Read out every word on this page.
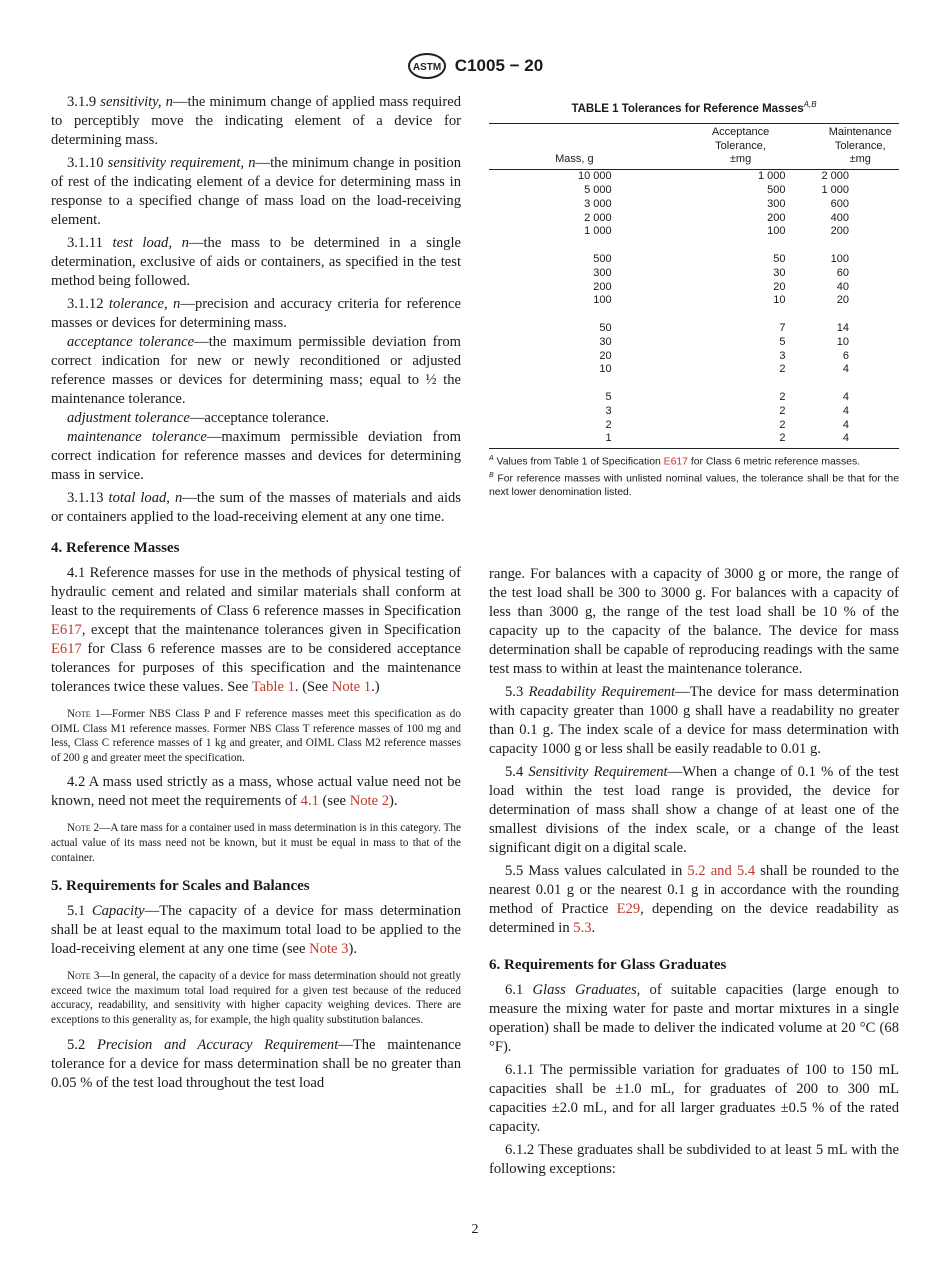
ASTM C1005 − 20

3.1.9 sensitivity, n—the minimum change of applied mass required to perceptibly move the indicating element of a device for determining mass.

3.1.10 sensitivity requirement, n—the minimum change in position of rest of the indicating element of a device for determining mass in response to a specified change of mass load on the load-receiving element.

3.1.11 test load, n—the mass to be determined in a single determination, exclusive of aids or containers, as specified in the test method being followed.

3.1.12 tolerance, n—precision and accuracy criteria for reference masses or devices for determining mass.

acceptance tolerance—the maximum permissible deviation from correct indication for new or newly reconditioned or adjusted reference masses or devices for determining mass; equal to ½ the maintenance tolerance.

adjustment tolerance—acceptance tolerance.

maintenance tolerance—maximum permissible deviation from correct indication for reference masses and devices for determining mass in service.

3.1.13 total load, n—the sum of the masses of materials and aids or containers applied to the load-receiving element at any one time.

4. Reference Masses

4.1 Reference masses for use in the methods of physical testing of hydraulic cement and related and similar materials shall conform at least to the requirements of Class 6 reference masses in Specification E617, except that the maintenance tolerances given in Specification E617 for Class 6 reference masses are to be considered acceptance tolerances for purposes of this specification and the maintenance tolerances twice these values. See Table 1. (See Note 1.)

Note 1—Former NBS Class P and F reference masses meet this specification as do OIML Class M1 reference masses. Former NBS Class T reference masses of 100 mg and less, Class C reference masses of 1 kg and greater, and OIML Class M2 reference masses of 200 g and greater meet the specification.

4.2 A mass used strictly as a mass, whose actual value need not be known, need not meet the requirements of 4.1 (see Note 2).

Note 2—A tare mass for a container used in mass determination is in this category. The actual value of its mass need not be known, but it must be equal in mass to that of the container.
5. Requirements for Scales and Balances

5.1 Capacity—The capacity of a device for mass determination shall be at least equal to the maximum total load to be applied to the load-receiving element at any one time (see Note 3).

Note 3—In general, the capacity of a device for mass determination should not greatly exceed twice the maximum total load required for a given test because of the reduced accuracy, readability, and sensitivity with higher capacity weighing devices. There are exceptions to this generality as, for example, the high quality substitution balances.

5.2 Precision and Accuracy Requirement—The maintenance tolerance for a device for mass determination shall be no greater than 0.05 % of the test load throughout the test load

TABLE 1 Tolerances for Reference Masses$^{A,B}$
Mass, g	Acceptance
Tolerance,
±mg	Maintenance
Tolerance,
±mg
10 000	1 000	2 000
5 000	500	1 000
3 000	300	600
2 000	200	400
1 000	100	200
500	50	100
300	30	60
200	20	40
100	10	20
50	7	14
30	5	10
20	3	6
10	2	4
5	2	4
3	2	4
2	2	4
1	2	4
$^A$ Values from Table 1 of Specification E617 for Class 6 metric reference masses.
$^B$ For reference masses with unlisted nominal values, the tolerance shall be that for the next lower denomination listed.

range. For balances with a capacity of 3000 g or more, the range of the test load shall be 300 to 3000 g. For balances with a capacity of less than 3000 g, the range of the test load shall be 10 % of the capacity up to the capacity of the balance. The device for mass determination shall be capable of reproducing readings with the same test mass to within at least the maintenance tolerance.

5.3 Readability Requirement—The device for mass determination with capacity greater than 1000 g shall have a readability no greater than 0.1 g. The index scale of a device for mass determination with capacity 1000 g or less shall be easily readable to 0.01 g.

5.4 Sensitivity Requirement—When a change of 0.1 % of the test load within the test load range is provided, the device for determination of mass shall show a change of at least one of the smallest divisions of the index scale, or a change of the least significant digit on a digital scale.

5.5 Mass values calculated in 5.2 and 5.4 shall be rounded to the nearest 0.01 g or the nearest 0.1 g in accordance with the rounding method of Practice E29, depending on the device readability as determined in 5.3.

6. Requirements for Glass Graduates

6.1 Glass Graduates, of suitable capacities (large enough to measure the mixing water for paste and mortar mixtures in a single operation) shall be made to deliver the indicated volume at 20 °C (68 °F).

6.1.1 The permissible variation for graduates of 100 to 150 mL capacities shall be ±1.0 mL, for graduates of 200 to 300 mL capacities ±2.0 mL, and for all larger graduates ±0.5 % of the rated capacity.

6.1.2 These graduates shall be subdivided to at least 5 mL with the following exceptions:

2
